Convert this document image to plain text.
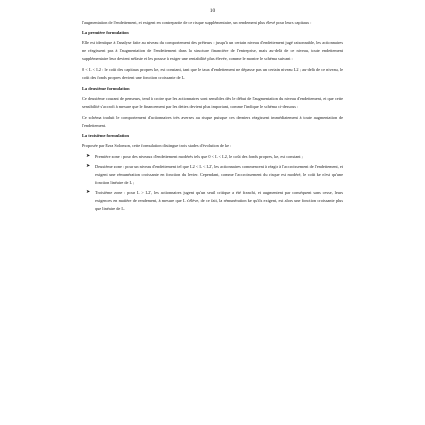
10

l'augmentation de l'endettement, et exigent en contrepartie de ce risque supplémentaire, un rendement plus élevé pour leurs capitaux :

La première formulation

Elle est identique à l'analyse faite au niveau du comportement des prêteurs : jusqu'à un certain niveau d'endettement jugé raisonnable, les actionnaires ne réagissent pas à l'augmentation de l'endettement dans la structure financière de l'entreprise, mais au-delà de ce niveau, toute endettement supplémentaire leur devient néfaste et les pousse à exiger une rentabilité plus élevée, comme le montre le schéma suivant :

0 < L < L2 : le coût des capitaux propres ke, est constant, tant que le taux d'endettement ne dépasse pas un certain niveau L2 ; au-delà de ce niveau, le coût des fonds propres devient une fonction croissante de L.

La deuxième formulation

Ce deuxième courant de penseurs, tend à croire que les actionnaires sont sensibles dès le début de l'augmentation du niveau d'endettement, et que cette sensibilité s'accroît à mesure que le financement par les dettes devient plus important, comme l'indique le schéma ci-dessous :

Ce schéma traduit le comportement d'actionnaires très averses au risque puisque ces derniers réagissent immédiatement à toute augmentation de l'endettement.

La troisième formulation

Proposée par Ezra Solomon, cette formulation distingue trois stades d'évolution de ke :

➤ Première zone : pour des niveaux d'endettement modérés tels que 0 < L < L2, le coût des fonds propres, ke, est constant ;
➤ Deuxième zone : pour un niveau d'endettement tel que L2 < L < L2', les actionnaires commencent à réagir à l'accroissement de l'endettement, et exigent une rémunération croissante en fonction du levier. Cependant, comme l'accroissement du risque est modéré, le coût ke n'est qu'une fonction linéaire de L ;
➤ Troisième zone : pour L > L2', les actionnaires jugent qu'un seuil critique a été franchi, et augmentent par conséquent sans cesse, leurs exigences en matière de rendement, à mesure que L s'élève, de ce fait, la rémunération ke qu'ils exigent, est alors une fonction croissante plus que linéaire de L.
